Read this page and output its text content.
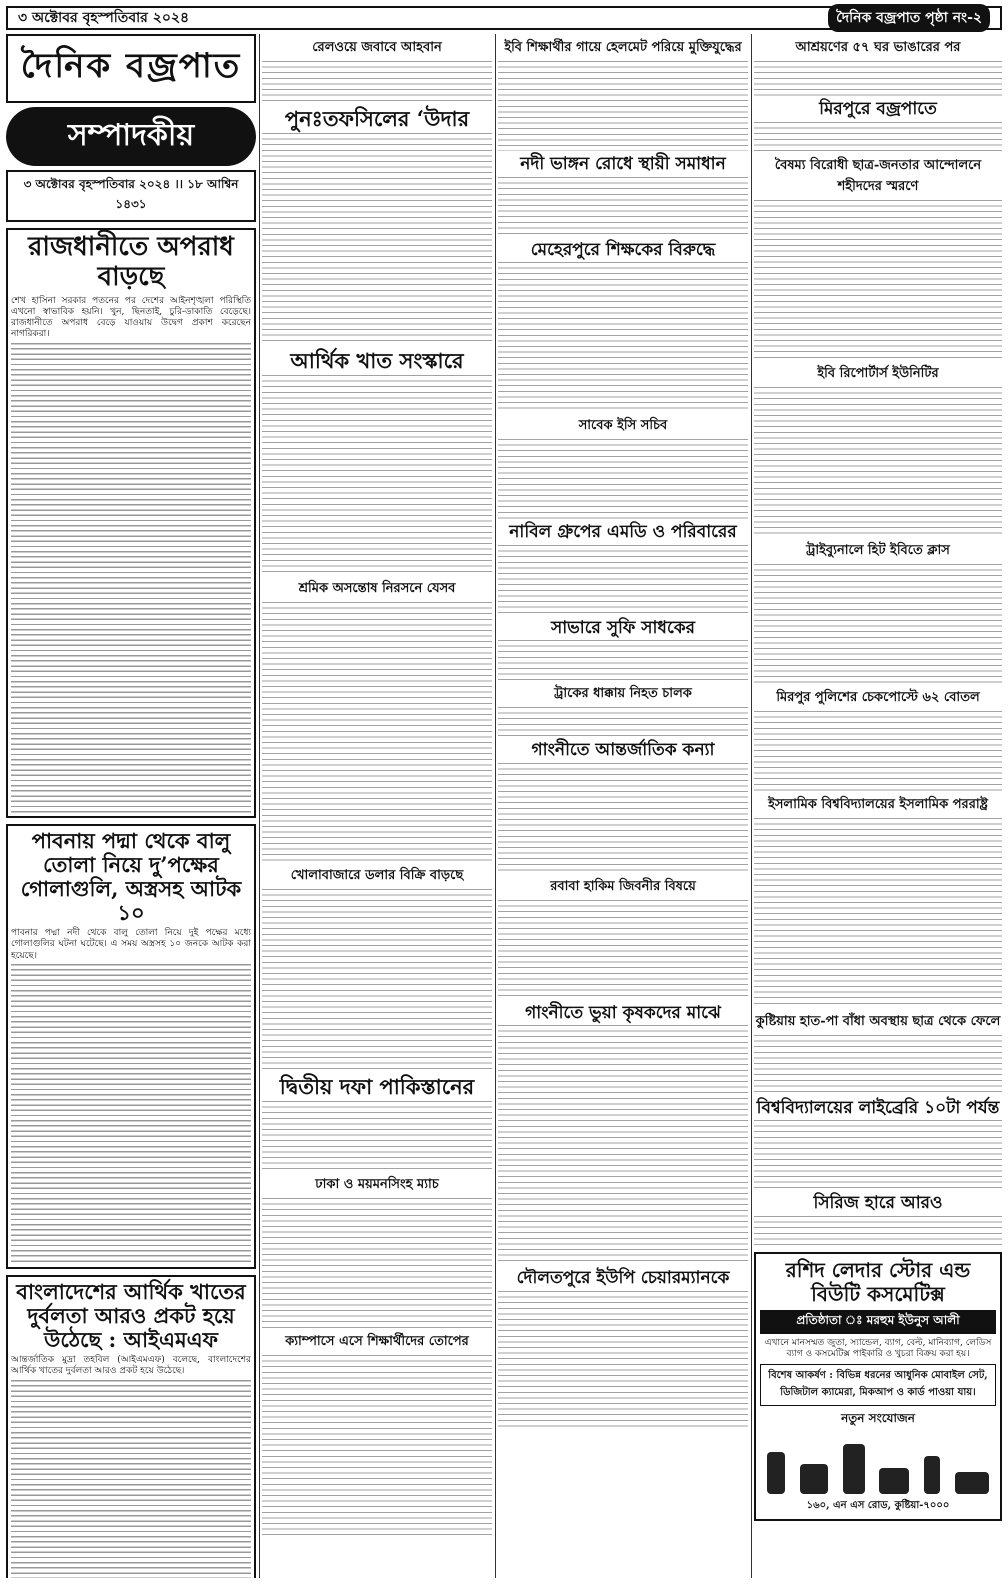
৩ অক্টোবর বৃহস্পতিবার ২০২৪	দৈনিক বজ্রপাত পৃষ্ঠা নং-২
দৈনিক বজ্রপাত
সম্পাদকীয়
৩ অক্টোবর বৃহস্পতিবার ২০২৪ ।। ১৮ আশ্বিন ১৪৩১
রাজধানীতে অপরাধ বাড়ছে
শেখ হাসিনা সরকার পতনের পর দেশের আইনশৃঙ্খলা পরিস্থিতি এখনো স্বাভাবিক হয়নি। খুন, ছিনতাই, চুরি-ডাকাতি বেড়েছে। রাজধানীতে অপরাধ বেড়ে যাওয়ায় উদ্বেগ প্রকাশ করেছেন নাগরিকরা।
পাবনায় পদ্মা থেকে বালু তোলা নিয়ে দু’পক্ষের গোলাগুলি, অস্ত্রসহ আটক ১০
পাবনার পদ্মা নদী থেকে বালু তোলা নিয়ে দুই পক্ষের মধ্যে গোলাগুলির ঘটনা ঘটেছে। এ সময় অস্ত্রসহ ১০ জনকে আটক করা হয়েছে।
বাংলাদেশের আর্থিক খাতের দুর্বলতা আরও প্রকট হয়ে উঠেছে : আইএমএফ
আন্তর্জাতিক মুদ্রা তহবিল (আইএমএফ) বলেছে, বাংলাদেশের আর্থিক খাতের দুর্বলতা আরও প্রকট হয়ে উঠেছে।
রেলওয়ে জবাবে আহবান
পুনঃতফসিলের ‘উদার
আর্থিক খাত সংস্কারে
শ্রমিক অসন্তোষ নিরসনে যেসব
খোলাবাজারে ডলার বিক্রি বাড়ছে
দ্বিতীয় দফা পাকিস্তানের
ঢাকা ও ময়মনসিংহ ম্যাচ
ক্যাম্পাসে এসে শিক্ষার্থীদের তোপের
ইবি শিক্ষার্থীর গায়ে হেলমেট পরিয়ে মুক্তিযুদ্ধের
নদী ভাঙ্গন রোধে স্থায়ী সমাধান
মেহেরপুরে শিক্ষকের বিরুদ্ধে
সাবেক ইসি সচিব
নাবিল গ্রুপের এমডি ও পরিবারের
সাভারে সুফি সাধকের
ট্রাকের ধাক্কায় নিহত চালক
গাংনীতে আন্তর্জাতিক কন্যা
রবাবা হাকিম জিবনীর বিষয়ে
গাংনীতে ভুয়া কৃষকদের মাঝে
দৌলতপুরে ইউপি চেয়ারম্যানকে
আশ্রয়ণের ৫৭ ঘর ভাঙারের পর
মিরপুরে বজ্রপাতে
বৈষম্য বিরোধী ছাত্র-জনতার আন্দোলনে শহীদদের স্মরণে
ইবি রিপোর্টার্স ইউনিটির
ট্রাইব্যুনালে হিট ইবিতে ক্লাস
মিরপুর পুলিশের চেকপোস্টে ৬২ বোতল
ইসলামিক বিশ্ববিদ্যালয়ের ইসলামিক পররাষ্ট্র
কুষ্টিয়ায় হাত-পা বাঁধা অবস্থায় ছাত্র থেকে ফেলে
বিশ্ববিদ্যালয়ের লাইব্রেরি ১০টা পর্যন্ত
সিরিজ হারে আরও
রশিদ লেদার স্টোর এন্ড বিউটি কসমেটিক্স
প্রতিষ্ঠাতা ঃ মরহুম ইউনুস আলী
এখানে মানসম্মত জুতা, স্যান্ডেল, ব্যাগ, বেল্ট, মানিব্যাগ, লেডিস ব্যাগ ও কসমেটিক্স পাইকারি ও খুচরা বিক্রয় করা হয়।
বিশেষ আকর্ষণ : বিভিন্ন ধরনের আধুনিক মোবাইল সেট, ডিজিটাল ক্যামেরা, মিকআপ ও কার্ড পাওয়া যায়।
নতুন সংযোজন
১৬০, এন এস রোড, কুষ্টিয়া-৭০০০
